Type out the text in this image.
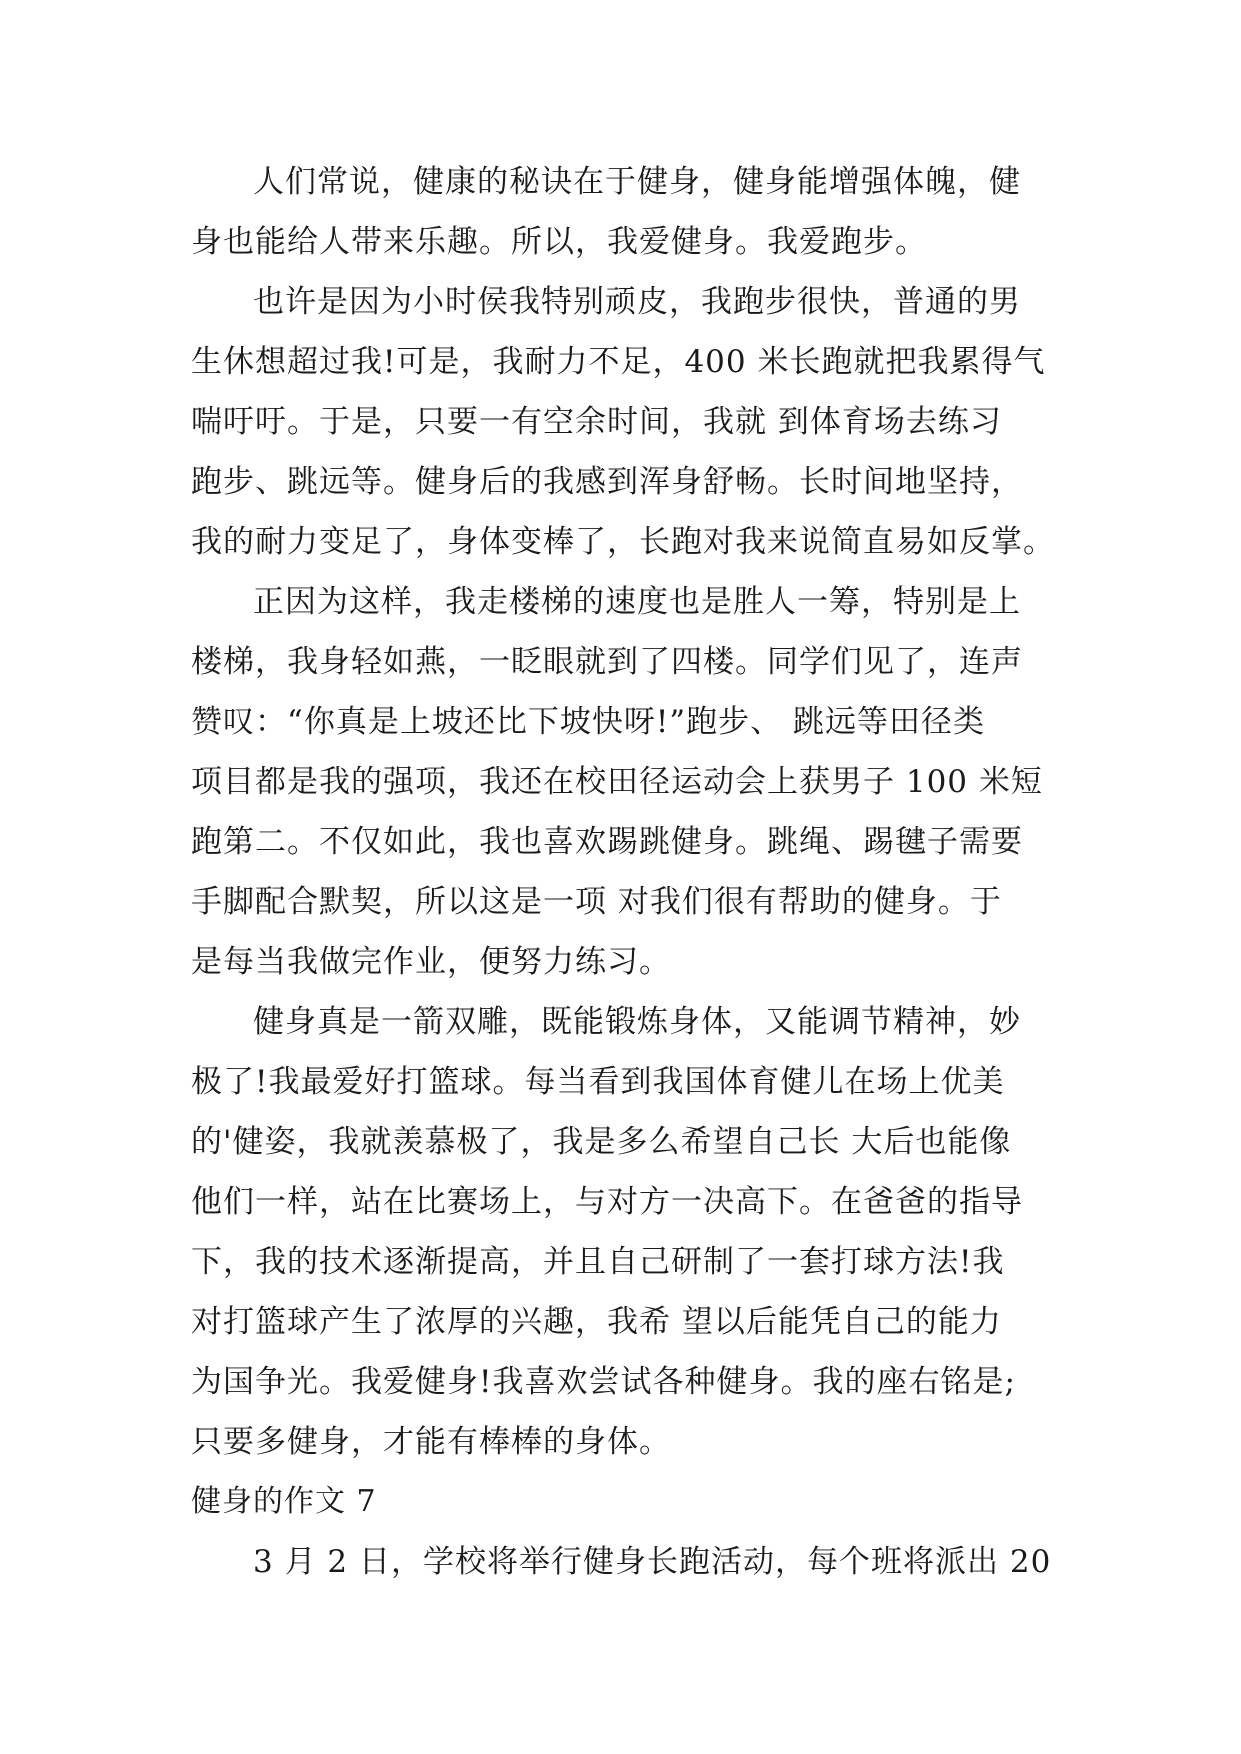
人们常说，健康的秘诀在于健身，健身能增强体魄，健
身也能给人带来乐趣。所以，我爱健身。我爱跑步。
也许是因为小时侯我特别顽皮，我跑步很快，普通的男
生休想超过我!可是，我耐力不足，400 米长跑就把我累得气
喘吁吁。于是，只要一有空余时间，我就 到体育场去练习
跑步、跳远等。健身后的我感到浑身舒畅。长时间地坚持，
我的耐力变足了，身体变棒了，长跑对我来说简直易如反掌。
正因为这样，我走楼梯的速度也是胜人一筹，特别是上
楼梯，我身轻如燕，一眨眼就到了四楼。同学们见了，连声
赞叹：“你真是上坡还比下坡快呀!”跑步、 跳远等田径类
项目都是我的强项，我还在校田径运动会上获男子 100 米短
跑第二。不仅如此，我也喜欢踢跳健身。跳绳、踢毽子需要
手脚配合默契，所以这是一项 对我们很有帮助的健身。于
是每当我做完作业，便努力练习。
健身真是一箭双雕，既能锻炼身体，又能调节精神，妙
极了!我最爱好打篮球。每当看到我国体育健儿在场上优美
的'健姿，我就羡慕极了，我是多么希望自己长 大后也能像
他们一样，站在比赛场上，与对方一决高下。在爸爸的指导
下，我的技术逐渐提高，并且自己研制了一套打球方法!我
对打篮球产生了浓厚的兴趣，我希 望以后能凭自己的能力
为国争光。我爱健身!我喜欢尝试各种健身。我的座右铭是;
只要多健身，才能有棒棒的身体。
健身的作文 7
3 月 2 日，学校将举行健身长跑活动，每个班将派出 20
